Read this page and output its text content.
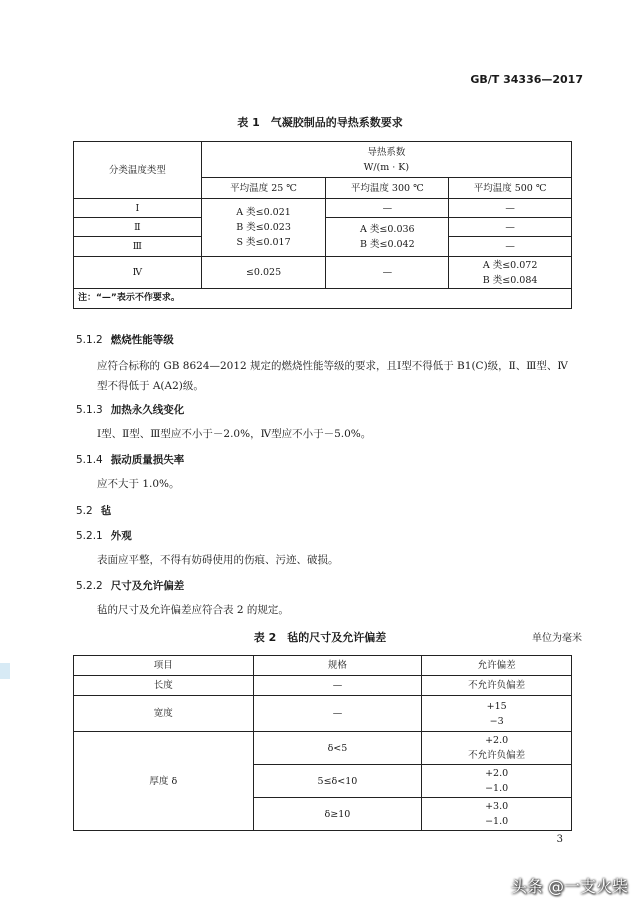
GB/T 34336—2017
表 1　气凝胶制品的导热系数要求
分类温度类型	导热系数
W/(m · K)		

	平均温度 25 ℃	平均温度 300 ℃	平均温度 500 ℃
Ⅰ	A 类≤0.021
B 类≤0.023
S 类≤0.017	—	—
Ⅱ		A 类≤0.036
B 类≤0.042	—
Ⅲ			—
Ⅳ	≤0.025	—	A 类≤0.072
B 类≤0.084

注：“—”表示不作要求。			
5.1.2 燃烧性能等级
应符合标称的 GB 8624—2012 规定的燃烧性能等级的要求，且Ⅰ型不得低于 B1(C)级，Ⅱ、Ⅲ型、Ⅳ型不得低于 A(A2)级。
5.1.3 加热永久线变化
Ⅰ型、Ⅱ型、Ⅲ型应不小于－2.0%，Ⅳ型应不小于－5.0%。
5.1.4 振动质量损失率
应不大于 1.0%。
5.2 毡
5.2.1 外观
表面应平整，不得有妨碍使用的伤痕、污迹、破损。
5.2.2 尺寸及允许偏差
毡的尺寸及允许偏差应符合表 2 的规定。
表 2　毡的尺寸及允许偏差	单位为毫米
项目	规格	允许偏差
长度	—	不允许负偏差
宽度	—	+15
−3

厚度 δ	δ<5	+2.0
不允许负偏差

	5≤δ<10	+2.0
−1.0

	δ≥10	+3.0
−1.0
3
头条 @一支火柴
